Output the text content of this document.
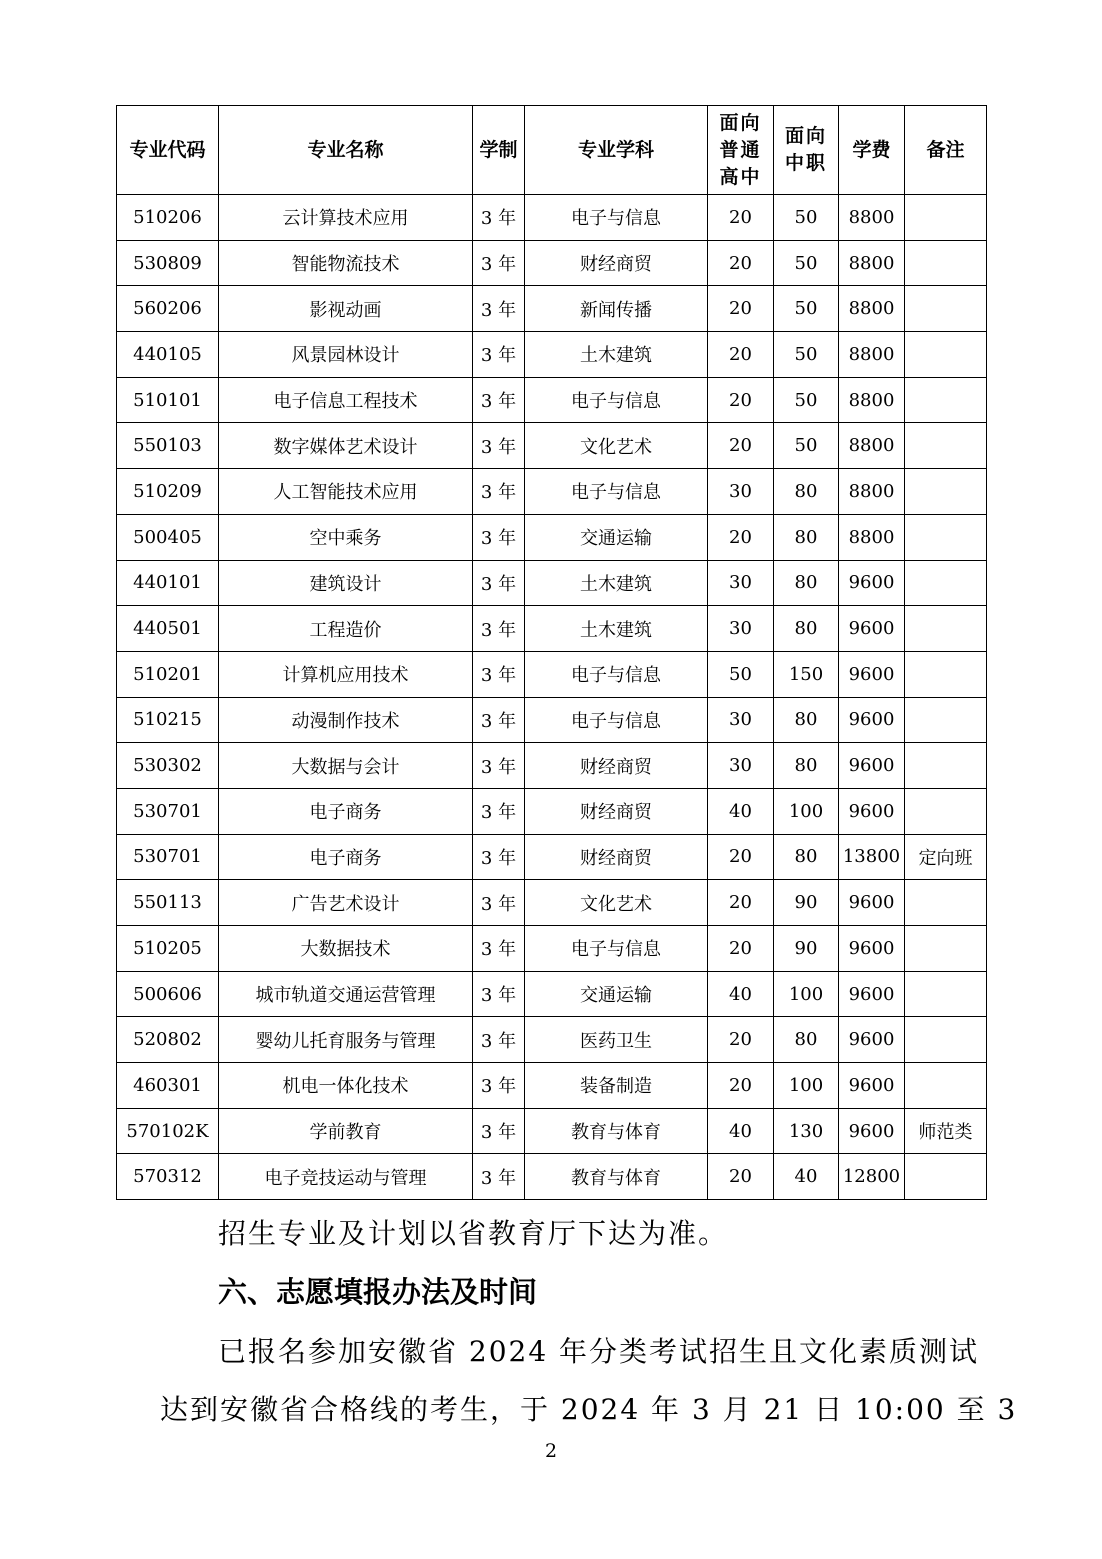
专业代码	专业名称	学制	专业学科	面向普通高中	面向中职	学费	备注
510206	云计算技术应用	3 年	电子与信息	20	50	8800	
530809	智能物流技术	3 年	财经商贸	20	50	8800	
560206	影视动画	3 年	新闻传播	20	50	8800	
440105	风景园林设计	3 年	土木建筑	20	50	8800	
510101	电子信息工程技术	3 年	电子与信息	20	50	8800	
550103	数字媒体艺术设计	3 年	文化艺术	20	50	8800	
510209	人工智能技术应用	3 年	电子与信息	30	80	8800	
500405	空中乘务	3 年	交通运输	20	80	8800	
440101	建筑设计	3 年	土木建筑	30	80	9600	
440501	工程造价	3 年	土木建筑	30	80	9600	
510201	计算机应用技术	3 年	电子与信息	50	150	9600	
510215	动漫制作技术	3 年	电子与信息	30	80	9600	
530302	大数据与会计	3 年	财经商贸	30	80	9600	
530701	电子商务	3 年	财经商贸	40	100	9600	
530701	电子商务	3 年	财经商贸	20	80	13800	定向班
550113	广告艺术设计	3 年	文化艺术	20	90	9600	
510205	大数据技术	3 年	电子与信息	20	90	9600	
500606	城市轨道交通运营管理	3 年	交通运输	40	100	9600	
520802	婴幼儿托育服务与管理	3 年	医药卫生	20	80	9600	
460301	机电一体化技术	3 年	装备制造	20	100	9600	
570102K	学前教育	3 年	教育与体育	40	130	9600	师范类
570312	电子竞技运动与管理	3 年	教育与体育	20	40	12800	
招生专业及计划以省教育厅下达为准。
六、志愿填报办法及时间
已报名参加安徽省 2024 年分类考试招生且文化素质测试
达到安徽省合格线的考生，于 2024 年 3 月 21 日 10:00 至 3
2
